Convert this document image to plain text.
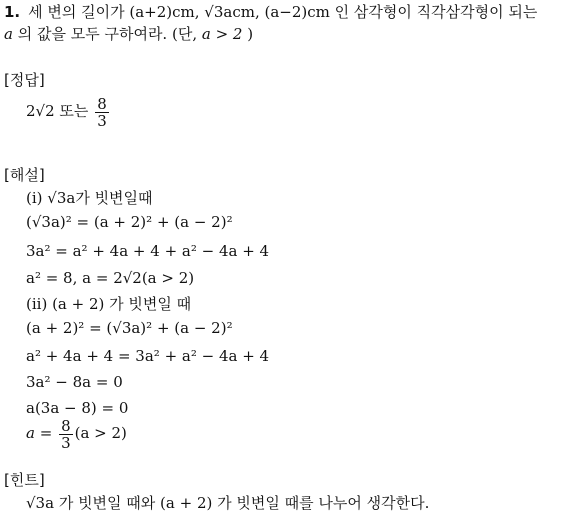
1. 세 변의 길이가 (a+2)cm, √3acm, (a−2)cm 인 삼각형이 직각삼각형이 되는
a 의 값을 모두 구하여라. (단, a > 2 )
[정답]
2√2 또는 $\frac{8}{3}$
[해설]
(i) √3a가 빗변일때
(√3a)² = (a + 2)² + (a − 2)²
3a² = a² + 4a + 4 + a² − 4a + 4
a² = 8, a = 2√2(a > 2)
(ii) (a + 2) 가 빗변일 때
(a + 2)² = (√3a)² + (a − 2)²
a² + 4a + 4 = 3a² + a² − 4a + 4
3a² − 8a = 0
a(3a − 8) = 0
$a = \frac{8}{3} (a > 2)$
[힌트]
√3a 가 빗변일 때와 (a + 2) 가 빗변일 때를 나누어 생각한다.
